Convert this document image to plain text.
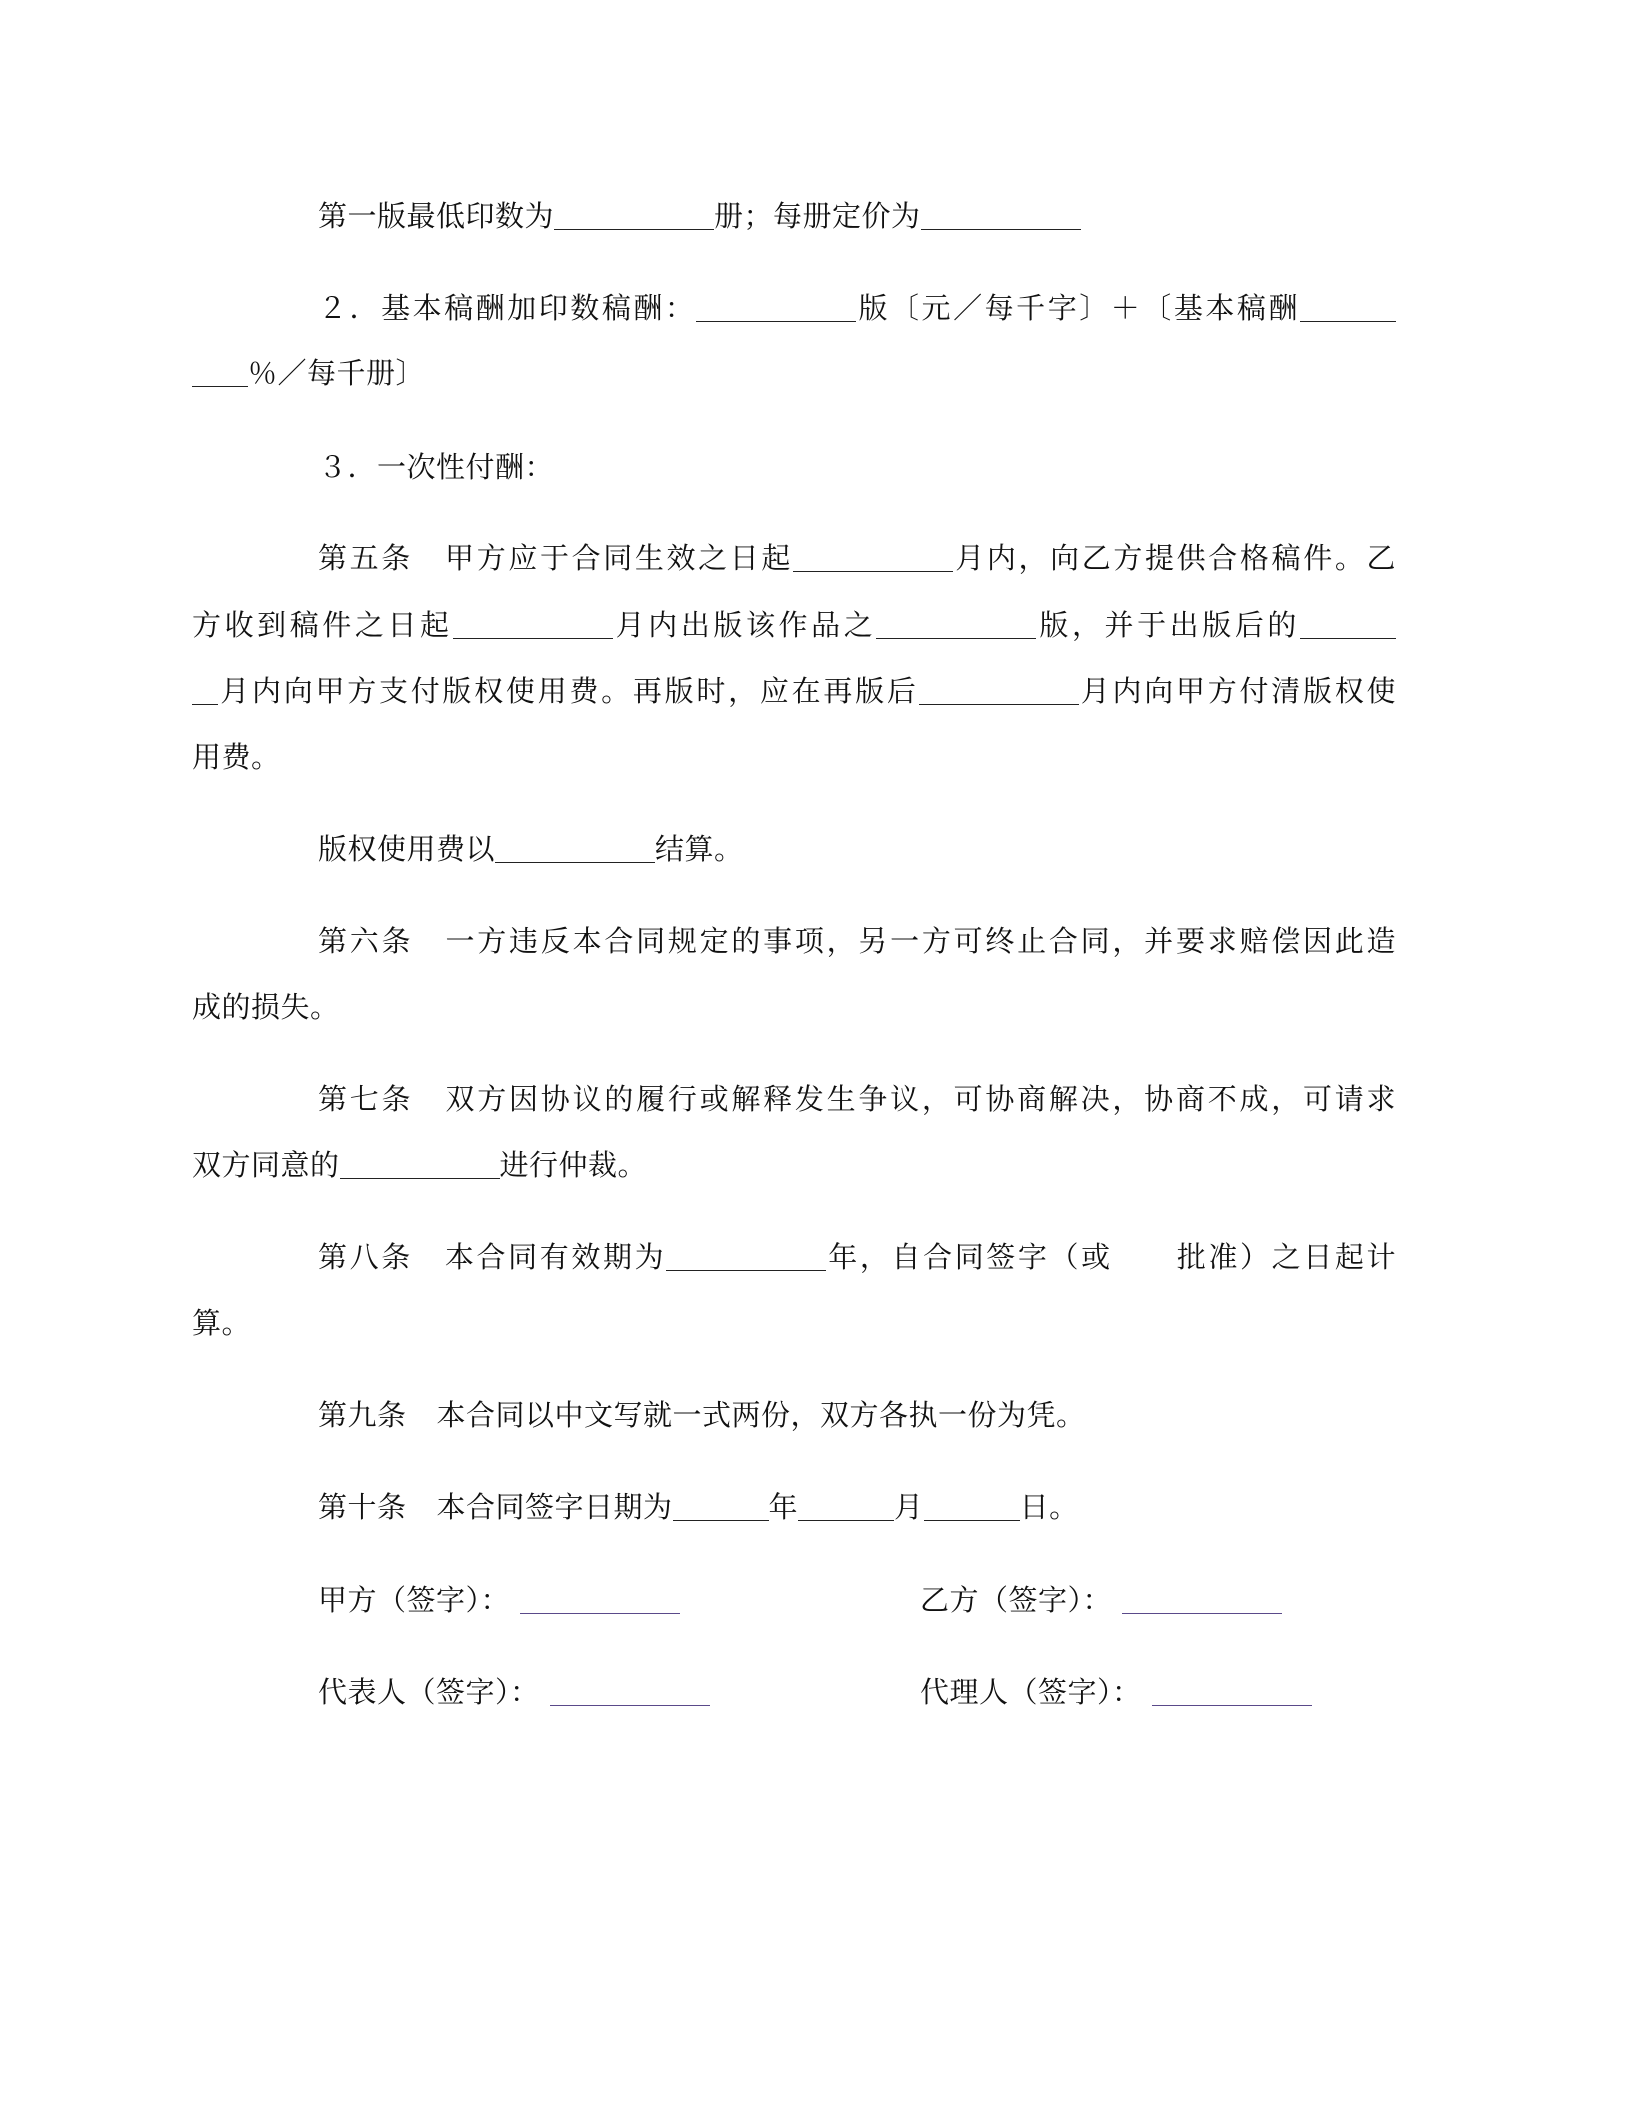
第一版最低印数为	册；每册定价为
２．基本稿酬加印数稿酬：	版〔元／每千字〕＋〔基本稿酬
％／每千册〕
３．一次性付酬：
第五条 甲方应于合同生效之日起	月内，向乙方提供合格稿件。乙
方收到稿件之日起	月内出版该作品之	版，并于出版后的
月内向甲方支付版权使用费。再版时，应在再版后	月内向甲方付清版权使
用费。
版权使用费以	结算。
第六条 一方违反本合同规定的事项，另一方可终止合同，并要求赔偿因此造
成的损失。
第七条 双方因协议的履行或解释发生争议，可协商解决，协商不成，可请求
双方同意的	进行仲裁。
第八条 本合同有效期为	年，自合同签字（或 批准）之日起计
算。
第九条 本合同以中文写就一式两份，双方各执一份为凭。
第十条 本合同签字日期为	年	月	日。
甲方（签字）：	乙方（签字）：
代表人（签字）：	代理人（签字）：
